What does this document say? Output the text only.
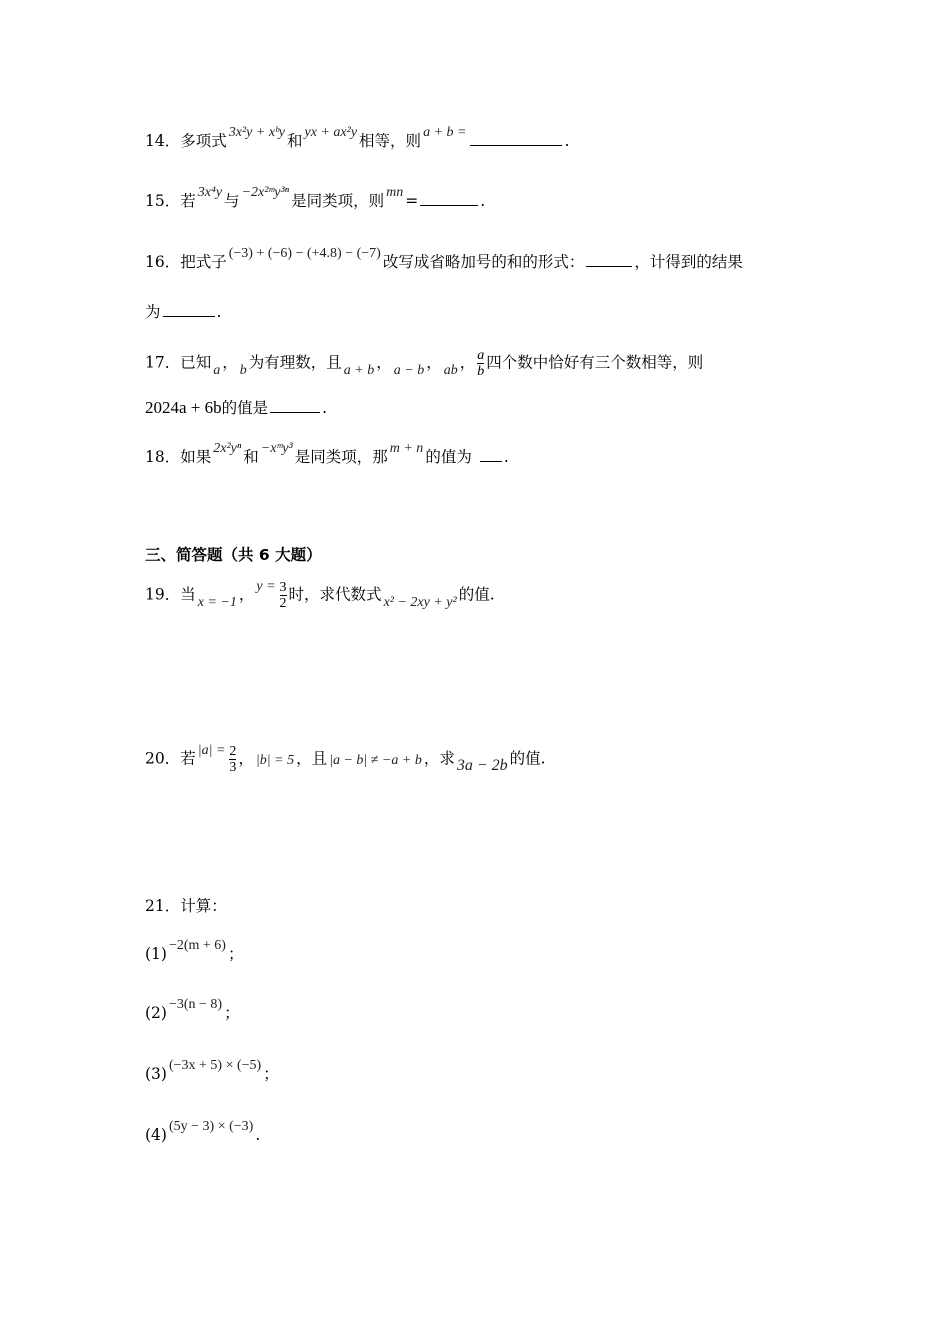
14．多项式 3x²y + xᵇy 和 yx + ax²y 相等，则 a + b =	.
15．若 3x⁴y 与 −2x²ᵐy³ⁿ 是同类项，则 mn =	.
16．把式子 (−3) + (−6) − (+4.8) − (−7) 改写成省略加号的和的形式：	，计得到的结果
为	.
17．已知 a ， b 为有理数，且 a + b ， a − b ， ab ， $\frac{a}{b}$ 四个数中恰好有三个数相等，则
2024a + 6b的值是	.
18．如果 2x²yⁿ 和 −xᵐy³ 是同类项，那 m + n 的值为 .
三、简答题（共 6 大题）
19．当 x = −1 ， $y = \frac{3}{2}$ 时，求代数式 x² − 2xy + y² 的值.
20．若 $|a| = \frac{2}{3}$ ， |b| = 5 ，且 |a − b| ≠ −a + b ，求 3a − 2b 的值.
21．计算：
(1) −2(m + 6) ；
(2) −3(n − 8) ；
(3) (−3x + 5) × (−5) ；
(4) (5y − 3) × (−3) .
